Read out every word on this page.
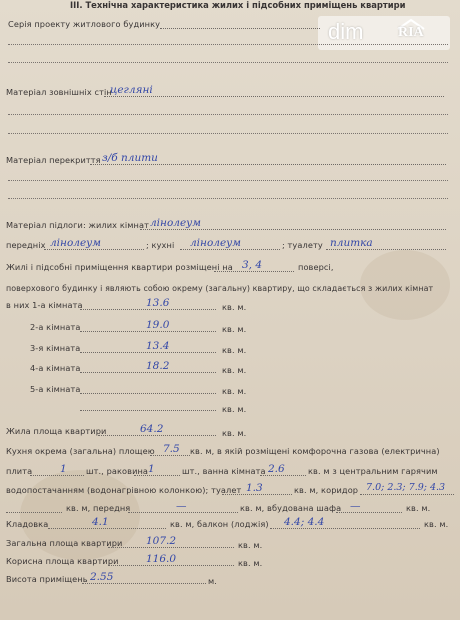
III. Технічна характеристика жилих і підсобних приміщень квартири
dim RIA
Серія проекту житлового будинку
Матеріал зовнішніх стін
цегляні
Матеріал перекриття з/б плити
Матеріал підлоги: жилих кімнат лінолеум
передніх лінолеум	; кухні лінолеум	; туалету плитка
Жилі і підсобні приміщення квартири розміщені на 3, 4	поверсі,
поверхового будинку і являють собою окрему (загальну) квартиру, що складається з жилих кімнат
в них 1-а кімната	13.6	кв. м.
2-а кімната	19.0	кв. м.
3-я кімната	13.4	кв. м.
4-а кімната	18.2	кв. м.
5-а кімната	кв. м.
кв. м.
Жила площа квартири	64.2	кв. м.
Кухня окрема (загальна) площею 7.5 кв. м, в якій розміщені комфорочна газова (електрична)
плита	1 шт., раковина 1	шт., ванна кімната 2.6	кв. м з центральним гарячим
водопостачанням (водонагрівною колонкою); туалет 1.3	кв. м, коридор 7.0; 2.3; 7.9; 4.3
кв. м, передня	—	кв. м, вбудована шафа —	кв. м.
Кладовка	4.1	кв. м, балкон (лоджія) 4.4; 4.4	кв. м.
Загальна площа квартири 107.2	кв. м.
Корисна площа квартири	116.0	кв. м.
Висота приміщень 2.55	м.
